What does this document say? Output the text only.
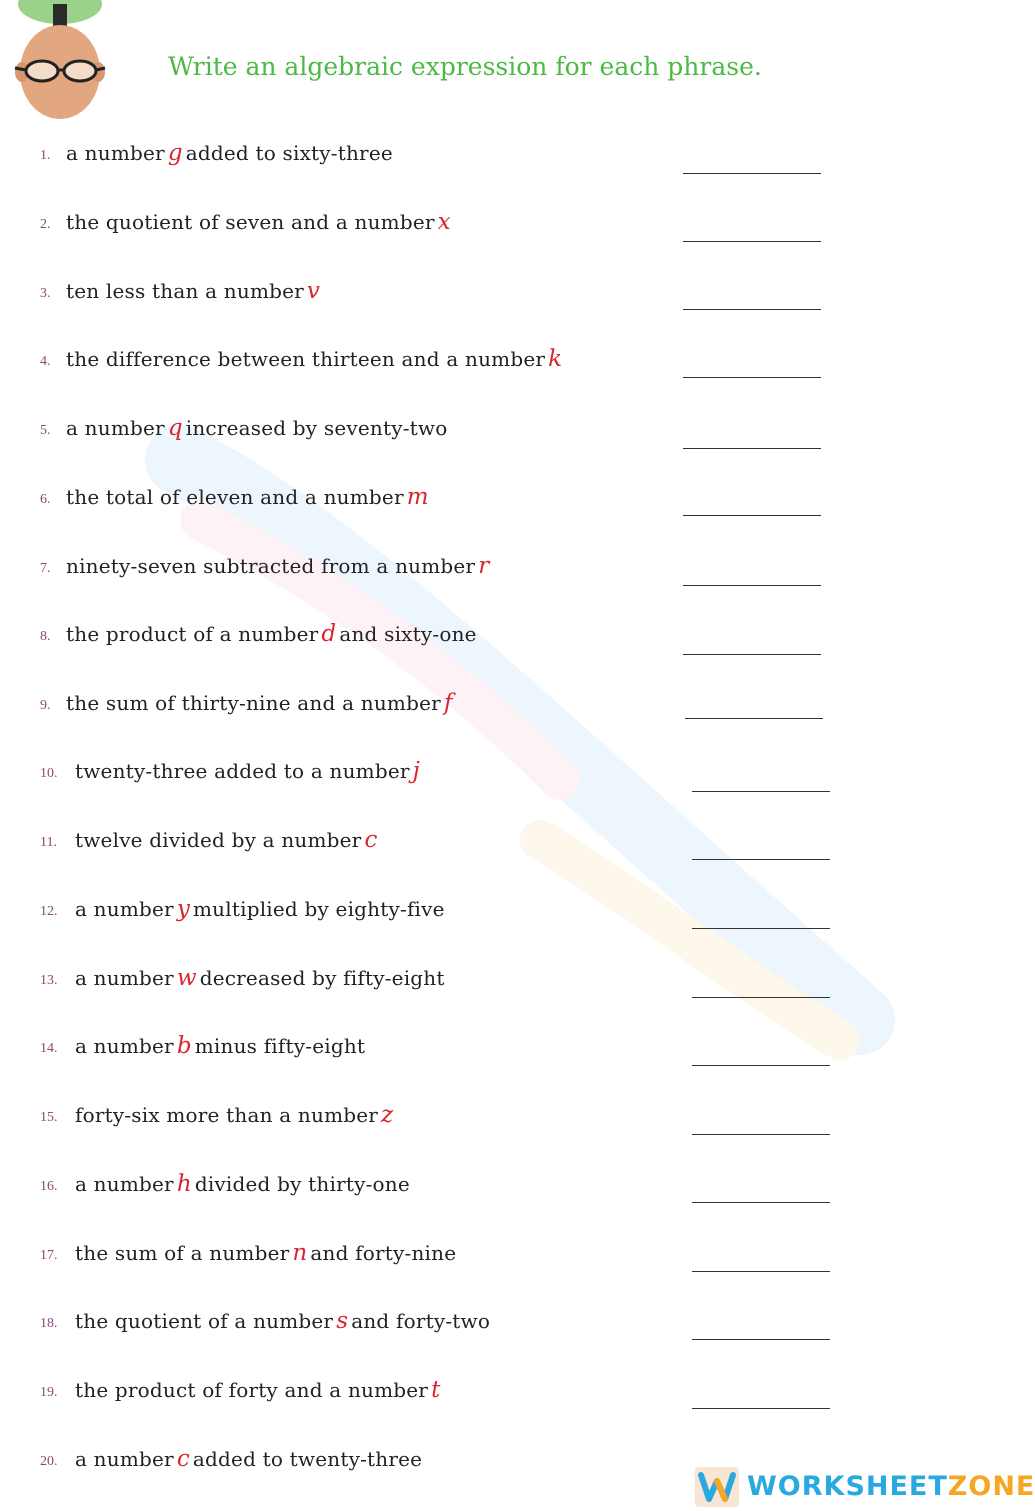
Write an algebraic expression for each phrase.
1. a number g added to sixty-three
2. the quotient of seven and a number x
3. ten less than a number v
4. the difference between thirteen and a number k
5. a number q increased by seventy-two
6. the total of eleven and a number m
7. ninety-seven subtracted from a number r
8. the product of a number d and sixty-one
9. the sum of thirty-nine and a number f
10. twenty-three added to a number j
11. twelve divided by a number c
12. a number y multiplied by eighty-five
13. a number w decreased by fifty-eight
14. a number b minus fifty-eight
15. forty-six more than a number z
16. a number h divided by thirty-one
17. the sum of a number n and forty-nine
18. the quotient of a number s and forty-two
19. the product of forty and a number t
20. a number c added to twenty-three
WORKSHEETZONE
